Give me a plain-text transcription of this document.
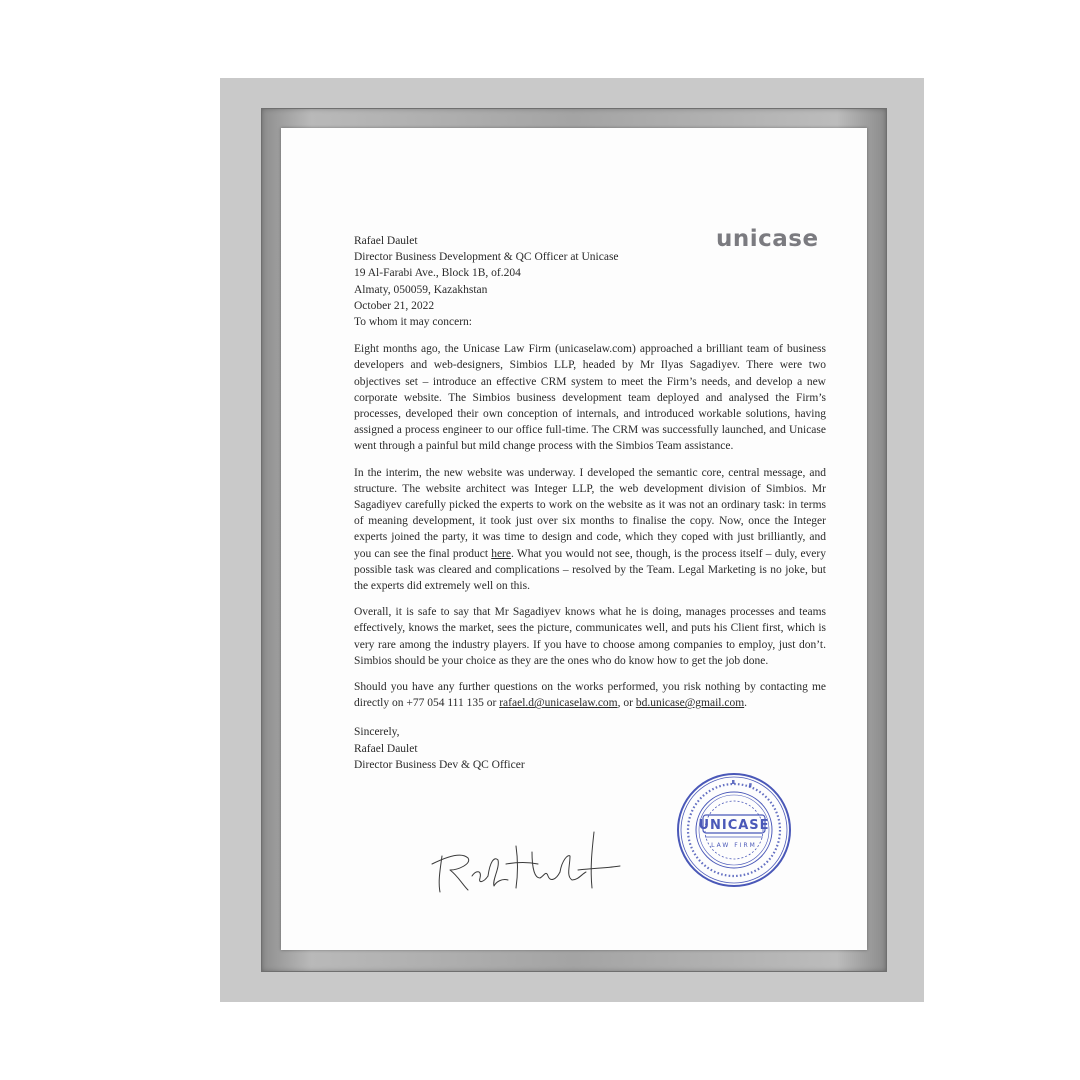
unicase
Rafael Daulet
Director Business Development & QC Officer at Unicase
19 Al-Farabi Ave., Block 1B, of.204
Almaty, 050059, Kazakhstan
October 21, 2022
To whom it may concern:

Eight months ago, the Unicase Law Firm (unicaselaw.com) approached a brilliant team of business developers and web-designers, Simbios LLP, headed by Mr Ilyas Sagadiyev. There were two objectives set – introduce an effective CRM system to meet the Firm’s needs, and develop a new corporate website. The Simbios business development team deployed and analysed the Firm’s processes, developed their own conception of internals, and introduced workable solutions, having assigned a process engineer to our office full-time. The CRM was successfully launched, and Unicase went through a painful but mild change process with the Simbios Team assistance.

In the interim, the new website was underway. I developed the semantic core, central message, and structure. The website architect was Integer LLP, the web development division of Simbios. Mr Sagadiyev carefully picked the experts to work on the website as it was not an ordinary task: in terms of meaning development, it took just over six months to finalise the copy. Now, once the Integer experts joined the party, it was time to design and code, which they coped with just brilliantly, and you can see the final product here. What you would not see, though, is the process itself – duly, every possible task was cleared and complications – resolved by the Team. Legal Marketing is no joke, but the experts did extremely well on this.

Overall, it is safe to say that Mr Sagadiyev knows what he is doing, manages processes and teams effectively, knows the market, sees the picture, communicates well, and puts his Client first, which is very rare among the industry players. If you have to choose among companies to employ, just don’t. Simbios should be your choice as they are the ones who do know how to get the job done.

Should you have any further questions on the works performed, you risk nothing by contacting me directly on +77 054 111 135 or rafael.d@unicaselaw.com, or bd.unicase@gmail.com.

Sincerely,
Rafael Daulet
Director Business Dev & QC Officer
UNICASE
LAW FIRM
